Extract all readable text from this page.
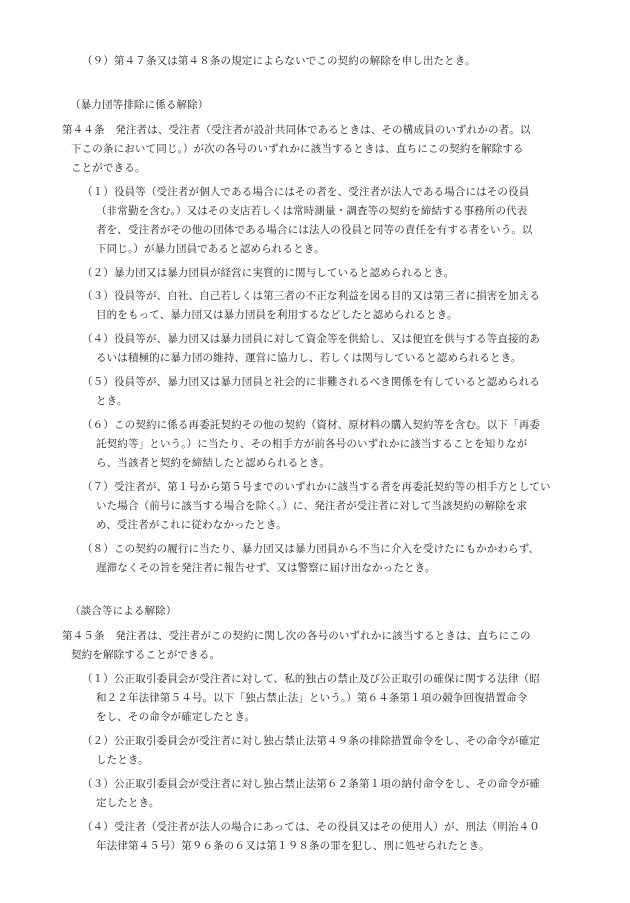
（９） 第４７条又は第４８条の規定によらないでこの契約の解除を申し出たとき。
（暴力団等排除に係る解除）
第４４条　発注者は、受注者（受注者が設計共同体であるときは、その構成員のいずれかの者。以
下この条において同じ。）が次の各号のいずれかに該当するときは、直ちにこの契約を解除する
ことができる。
（１） 役員等（受注者が個人である場合にはその者を、受注者が法人である場合にはその役員
（非常勤を含む。）又はその支店若しくは常時測量・調査等の契約を締結する事務所の代表
者を、受注者がその他の団体である場合には法人の役員と同等の責任を有する者をいう。以
下同じ。）が暴力団員であると認められるとき。
（２） 暴力団又は暴力団員が経営に実質的に関与していると認められるとき。
（３） 役員等が、自社、自己若しくは第三者の不正な利益を図る目的又は第三者に損害を加える
目的をもって、暴力団又は暴力団員を利用するなどしたと認められるとき。
（４） 役員等が、暴力団又は暴力団員に対して資金等を供給し、又は便宜を供与する等直接的あ
るいは積極的に暴力団の維持、運営に協力し、若しくは関与していると認められるとき。
（５） 役員等が、暴力団又は暴力団員と社会的に非難されるべき関係を有していると認められる
とき。
（６） この契約に係る再委託契約その他の契約（資材、原材料の購入契約等を含む。以下「再委
託契約等」という。）に当たり、その相手方が前各号のいずれかに該当することを知りなが
ら、当該者と契約を締結したと認められるとき。
（７） 受注者が、第１号から第５号までのいずれかに該当する者を再委託契約等の相手方としてい
いた場合（前号に該当する場合を除く。）に、発注者が受注者に対して当該契約の解除を求
め、受注者がこれに従わなかったとき。
（８） この契約の履行に当たり、暴力団又は暴力団員から不当に介入を受けたにもかかわらず、
遅滞なくその旨を発注者に報告せず、又は警察に届け出なかったとき。
（談合等による解除）
第４５条　発注者は、受注者がこの契約に関し次の各号のいずれかに該当するときは、直ちにこの
契約を解除することができる。
（１） 公正取引委員会が受注者に対して、私的独占の禁止及び公正取引の確保に関する法律（昭
和２２年法律第５４号。以下「独占禁止法」という。）第６４条第１項の競争回復措置命令
をし、その命令が確定したとき。
（２） 公正取引委員会が受注者に対し独占禁止法第４９条の排除措置命令をし、その命令が確定
したとき。
（３） 公正取引委員会が受注者に対し独占禁止法第６２条第１項の納付命令をし、その命令が確
定したとき。
（４） 受注者（受注者が法人の場合にあっては、その役員又はその使用人）が、刑法（明治４０
年法律第４５号）第９６条の６又は第１９８条の罪を犯し、刑に処せられたとき。
